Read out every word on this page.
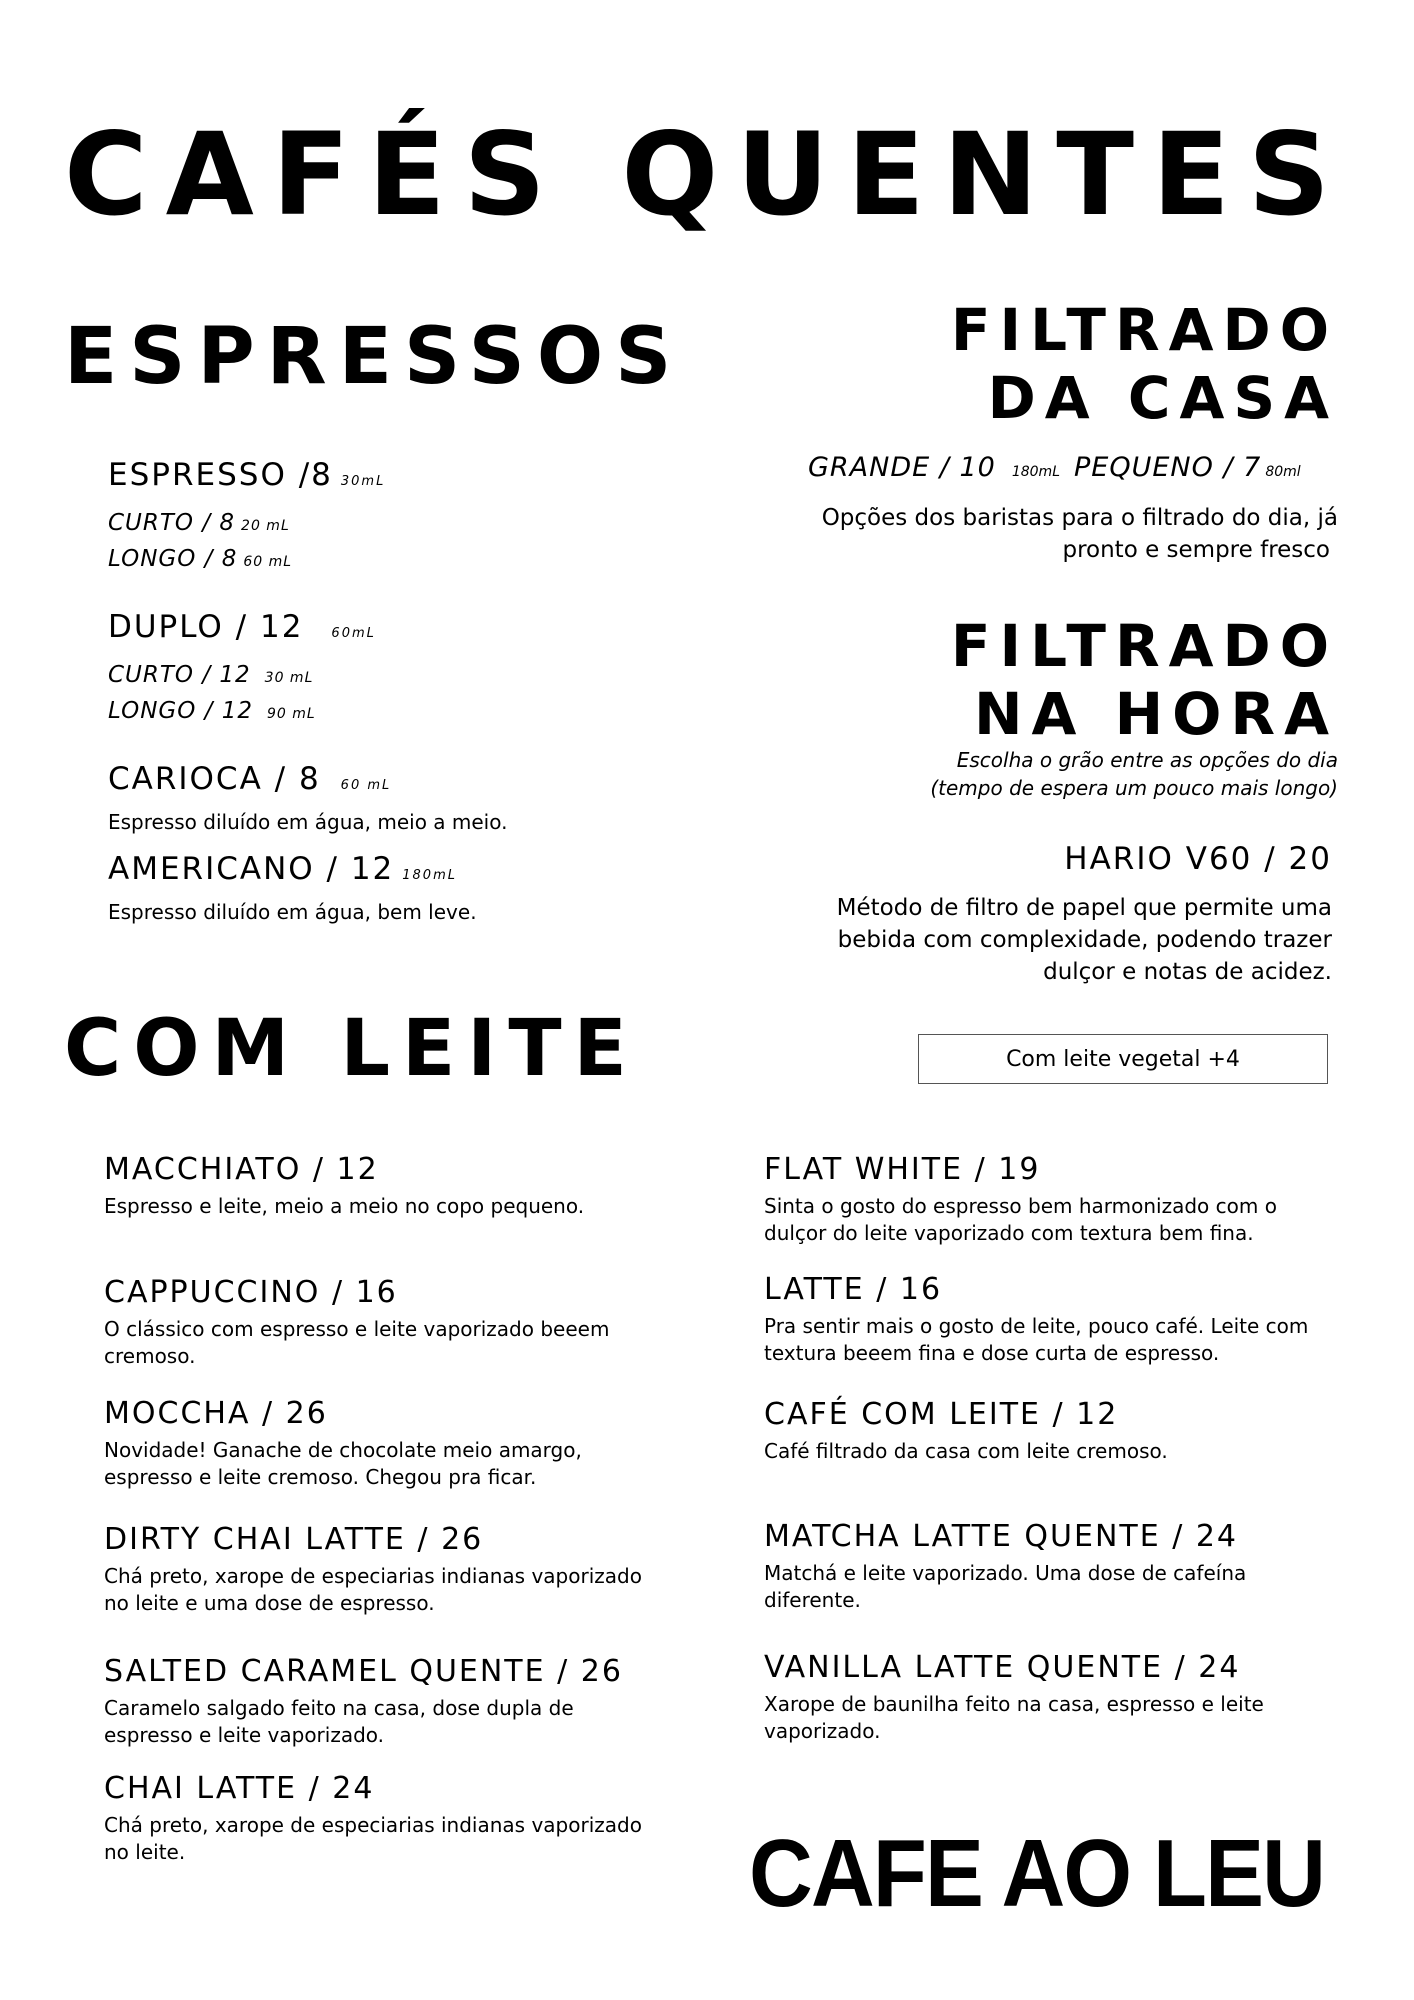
CAFÉS QUENTES
ESPRESSOS
ESPRESSO /8 30mL
CURTO / 8 20 mL
LONGO / 8 60 mL
DUPLO / 12 60mL
CURTO / 12 30 mL
LONGO / 12 90 mL
CARIOCA / 8 60 mL
Espresso diluído em água, meio a meio.
AMERICANO / 12 180mL
Espresso diluído em água, bem leve.
FILTRADO
DA CASA
GRANDE / 10 180mL PEQUENO / 7 80ml
Opções dos baristas para o filtrado do dia, já
pronto e sempre fresco
FILTRADO
NA HORA
Escolha o grão entre as opções do dia
(tempo de espera um pouco mais longo)
HARIO V60 / 20
Método de filtro de papel que permite uma
bebida com complexidade, podendo trazer
dulçor e notas de acidez.
COM LEITE	Com leite vegetal +4
MACCHIATO / 12
Espresso e leite, meio a meio no copo pequeno.
CAPPUCCINO / 16
O clássico com espresso e leite vaporizado beeem cremoso.
MOCCHA / 26
Novidade! Ganache de chocolate meio amargo, espresso e leite cremoso. Chegou pra ficar.
DIRTY CHAI LATTE / 26
Chá preto, xarope de especiarias indianas vaporizado no leite e uma dose de espresso.
SALTED CARAMEL QUENTE / 26
Caramelo salgado feito na casa, dose dupla de espresso e leite vaporizado.
CHAI LATTE / 24
Chá preto, xarope de especiarias indianas vaporizado no leite.
FLAT WHITE / 19
Sinta o gosto do espresso bem harmonizado com o dulçor do leite vaporizado com textura bem fina.
LATTE / 16
Pra sentir mais o gosto de leite, pouco café. Leite com textura beeem fina e dose curta de espresso.
CAFÉ COM LEITE / 12
Café filtrado da casa com leite cremoso.
MATCHA LATTE QUENTE / 24
Matchá e leite vaporizado. Uma dose de cafeína diferente.
VANILLA LATTE QUENTE / 24
Xarope de baunilha feito na casa, espresso e leite vaporizado.
CAFE AO LEU
